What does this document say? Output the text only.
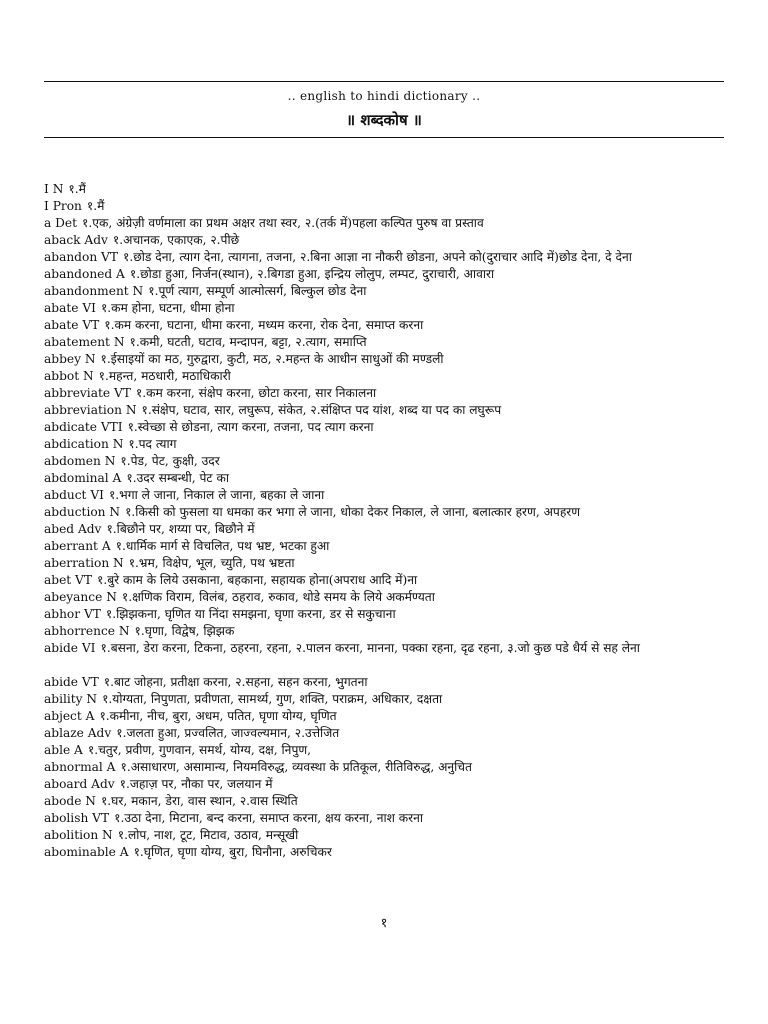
.. english to hindi dictionary ..
॥ शब्दकोष ॥
I N १.मैं
I Pron १.मैं
a Det १.एक, अंग्रेज़ी वर्णमाला का प्रथम अक्षर तथा स्वर, २.(तर्क में)पहला कल्पित पुरुष वा प्रस्ताव
aback Adv १.अचानक, एकाएक, २.पीछे
abandon VT १.छोड देना, त्याग देना, त्यागना, तजना, २.बिना आज्ञा ना नौकरी छोडना, अपने को(दुराचार आदि में)छोड देना, दे देना
abandoned A १.छोडा हुआ, निर्जन(स्थान), २.बिगडा हुआ, इन्द्रिय लोलुप, लम्पट, दुराचारी, आवारा
abandonment N १.पूर्ण त्याग, सम्पूर्ण आत्मोत्सर्ग, बिल्कुल छोड देना
abate VI १.कम होना, घटना, धीमा होना
abate VT १.कम करना, घटाना, धीमा करना, मध्यम करना, रोक देना, समाप्त करना
abatement N १.कमी, घटती, घटाव, मन्दापन, बट्टा, २.त्याग, समाप्ति
abbey N १.ईसाइयों का मठ, गुरुद्वारा, कुटी, मठ, २.महन्त के आधीन साधुओं की मण्डली
abbot N १.महन्त, मठधारी, मठाधिकारी
abbreviate VT १.कम करना, संक्षेप करना, छोटा करना, सार निकालना
abbreviation N १.संक्षेप, घटाव, सार, लघुरूप, संकेत, २.संक्षिप्त पद यांश, शब्द या पद का लघुरूप
abdicate VTI १.स्वेच्छा से छोडना, त्याग करना, तजना, पद त्याग करना
abdication N १.पद त्याग
abdomen N १.पेड, पेट, कुक्षी, उदर
abdominal A १.उदर सम्बन्धी, पेट का
abduct VI १.भगा ले जाना, निकाल ले जाना, बहका ले जाना
abduction N १.किसी को फुसला या धमका कर भगा ले जाना, धोका देकर निकाल, ले जाना, बलात्कार हरण, अपहरण
abed Adv १.बिछौने पर, शय्या पर, बिछौने में
aberrant A १.धार्मिक मार्ग से विचलित, पथ भ्रष्ट, भटका हुआ
aberration N १.भ्रम, विक्षेप, भूल, च्युति, पथ भ्रष्टता
abet VT १.बुरे काम के लिये उसकाना, बहकाना, सहायक होना(अपराध आदि में)ना
abeyance N १.क्षणिक विराम, विलंब, ठहराव, रुकाव, थोडे समय के लिये अकर्मण्यता
abhor VT १.झिझकना, घृणित या निंदा समझना, घृणा करना, डर से सकुचाना
abhorrence N १.घृणा, विद्वेष, झिझक
abide VI १.बसना, डेरा करना, टिकना, ठहरना, रहना, २.पालन करना, मानना, पक्का रहना, दृढ रहना, ३.जो कुछ पडे धैर्य से सह लेना
abide VT १.बाट जोहना, प्रतीक्षा करना, २.सहना, सहन करना, भुगतना
ability N १.योग्यता, निपुणता, प्रवीणता, सामर्थ्य, गुण, शक्ति, पराक्रम, अधिकार, दक्षता
abject A १.कमीना, नीच, बुरा, अधम, पतित, घृणा योग्य, घृणित
ablaze Adv १.जलता हुआ, प्रज्वलित, जाज्वल्यमान, २.उत्तेजित
able A १.चतुर, प्रवीण, गुणवान, समर्थ, योग्य, दक्ष, निपुण,
abnormal A १.असाधारण, असामान्य, नियमविरुद्ध, व्यवस्था के प्रतिकूल, रीतिविरुद्ध, अनुचित
aboard Adv १.जहाज़ पर, नौका पर, जलयान में
abode N १.घर, मकान, डेरा, वास स्थान, २.वास स्थिति
abolish VT १.उठा देना, मिटाना, बन्द करना, समाप्त करना, क्षय करना, नाश करना
abolition N १.लोप, नाश, टूट, मिटाव, उठाव, मन्सूखी
abominable A १.घृणित, घृणा योग्य, बुरा, घिनौना, अरुचिकर
१
